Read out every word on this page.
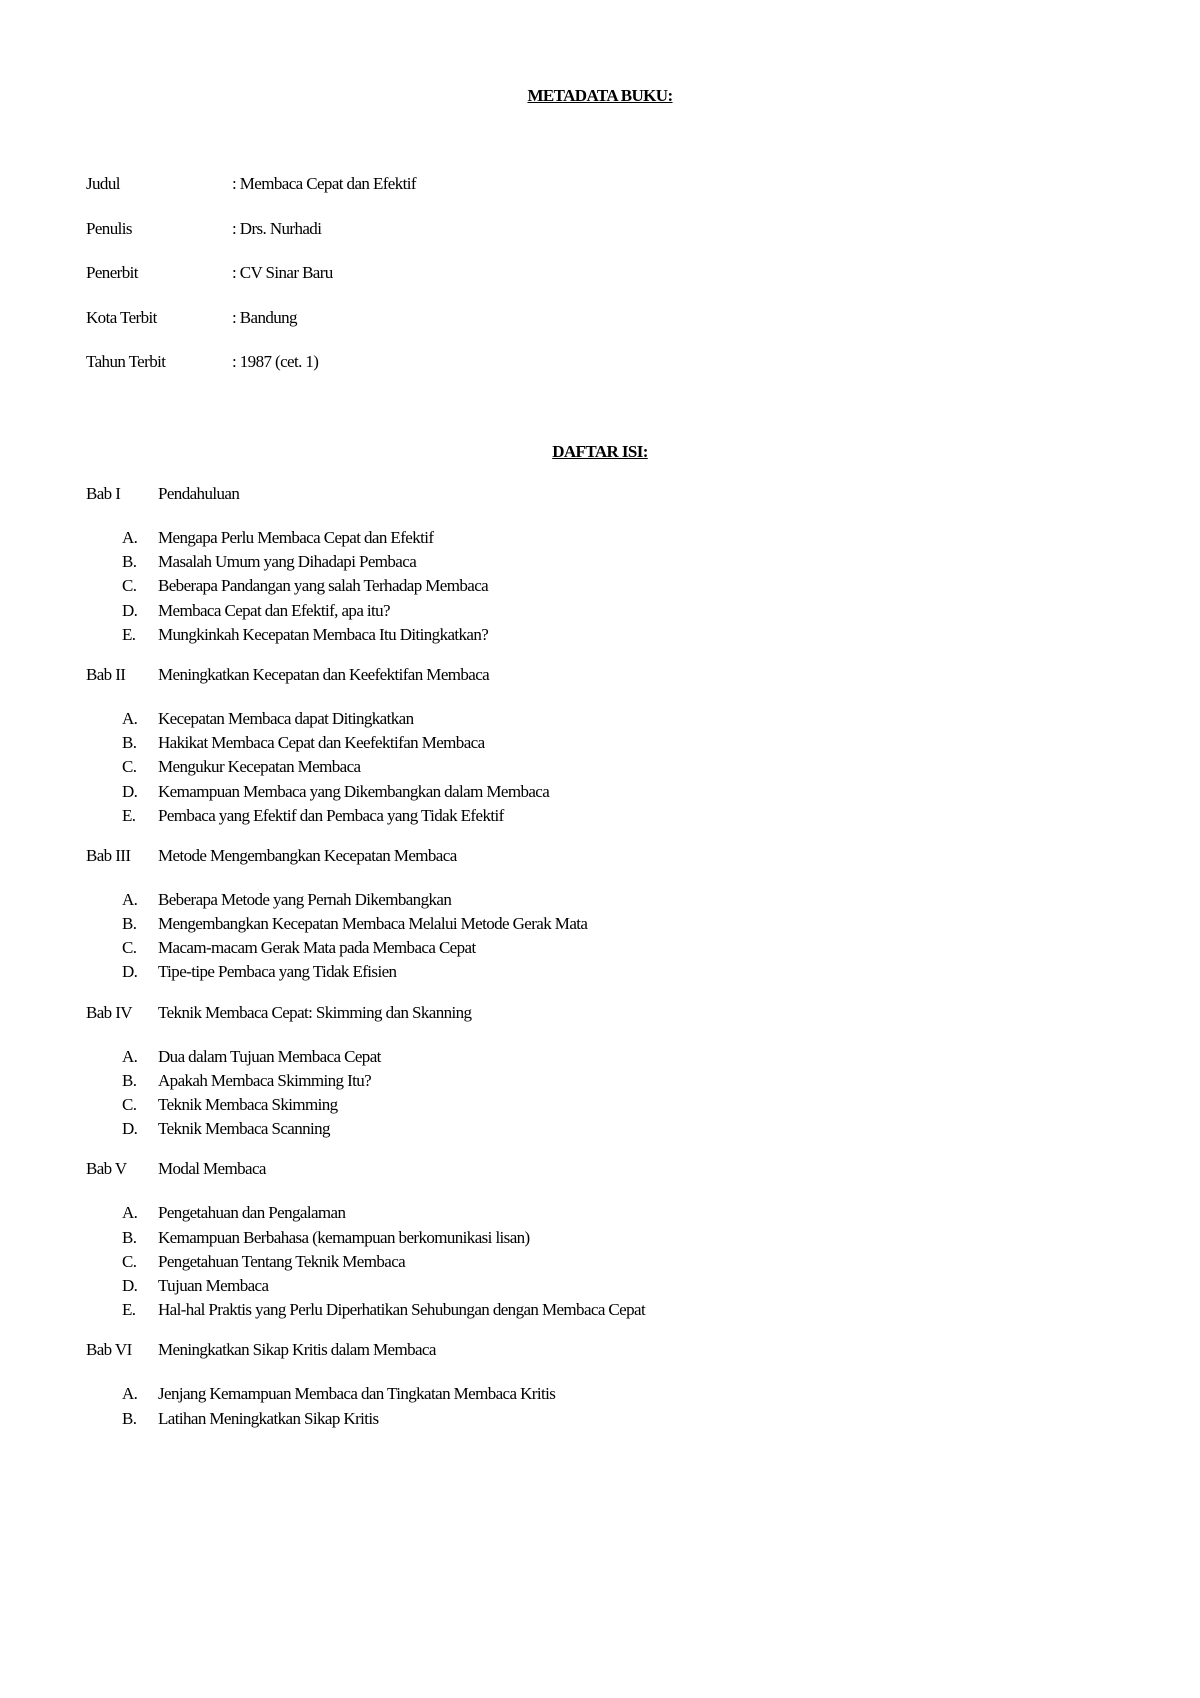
METADATA BUKU:
Judul	: Membaca Cepat dan Efektif
Penulis	: Drs. Nurhadi
Penerbit	: CV Sinar Baru
Kota Terbit	: Bandung
Tahun Terbit	: 1987 (cet. 1)
DAFTAR ISI:
Bab I Pendahuluan
A. Mengapa Perlu Membaca Cepat dan Efektif
B. Masalah Umum yang Dihadapi Pembaca
C. Beberapa Pandangan yang salah Terhadap Membaca
D. Membaca Cepat dan Efektif, apa itu?
E. Mungkinkah Kecepatan Membaca Itu Ditingkatkan?
Bab II Meningkatkan Kecepatan dan Keefektifan Membaca
A. Kecepatan Membaca dapat Ditingkatkan
B. Hakikat Membaca Cepat dan Keefektifan Membaca
C. Mengukur Kecepatan Membaca
D. Kemampuan Membaca yang Dikembangkan dalam Membaca
E. Pembaca yang Efektif dan Pembaca yang Tidak Efektif
Bab III Metode Mengembangkan Kecepatan Membaca
A. Beberapa Metode yang Pernah Dikembangkan
B. Mengembangkan Kecepatan Membaca Melalui Metode Gerak Mata
C. Macam-macam Gerak Mata pada Membaca Cepat
D. Tipe-tipe Pembaca yang Tidak Efisien
Bab IV Teknik Membaca Cepat: Skimming dan Skanning
A. Dua dalam Tujuan Membaca Cepat
B. Apakah Membaca Skimming Itu?
C. Teknik Membaca Skimming
D. Teknik Membaca Scanning
Bab V Modal Membaca
A. Pengetahuan dan Pengalaman
B. Kemampuan Berbahasa (kemampuan berkomunikasi lisan)
C. Pengetahuan Tentang Teknik Membaca
D. Tujuan Membaca
E. Hal-hal Praktis yang Perlu Diperhatikan Sehubungan dengan Membaca Cepat
Bab VI Meningkatkan Sikap Kritis dalam Membaca
A. Jenjang Kemampuan Membaca dan Tingkatan Membaca Kritis
B. Latihan Meningkatkan Sikap Kritis
